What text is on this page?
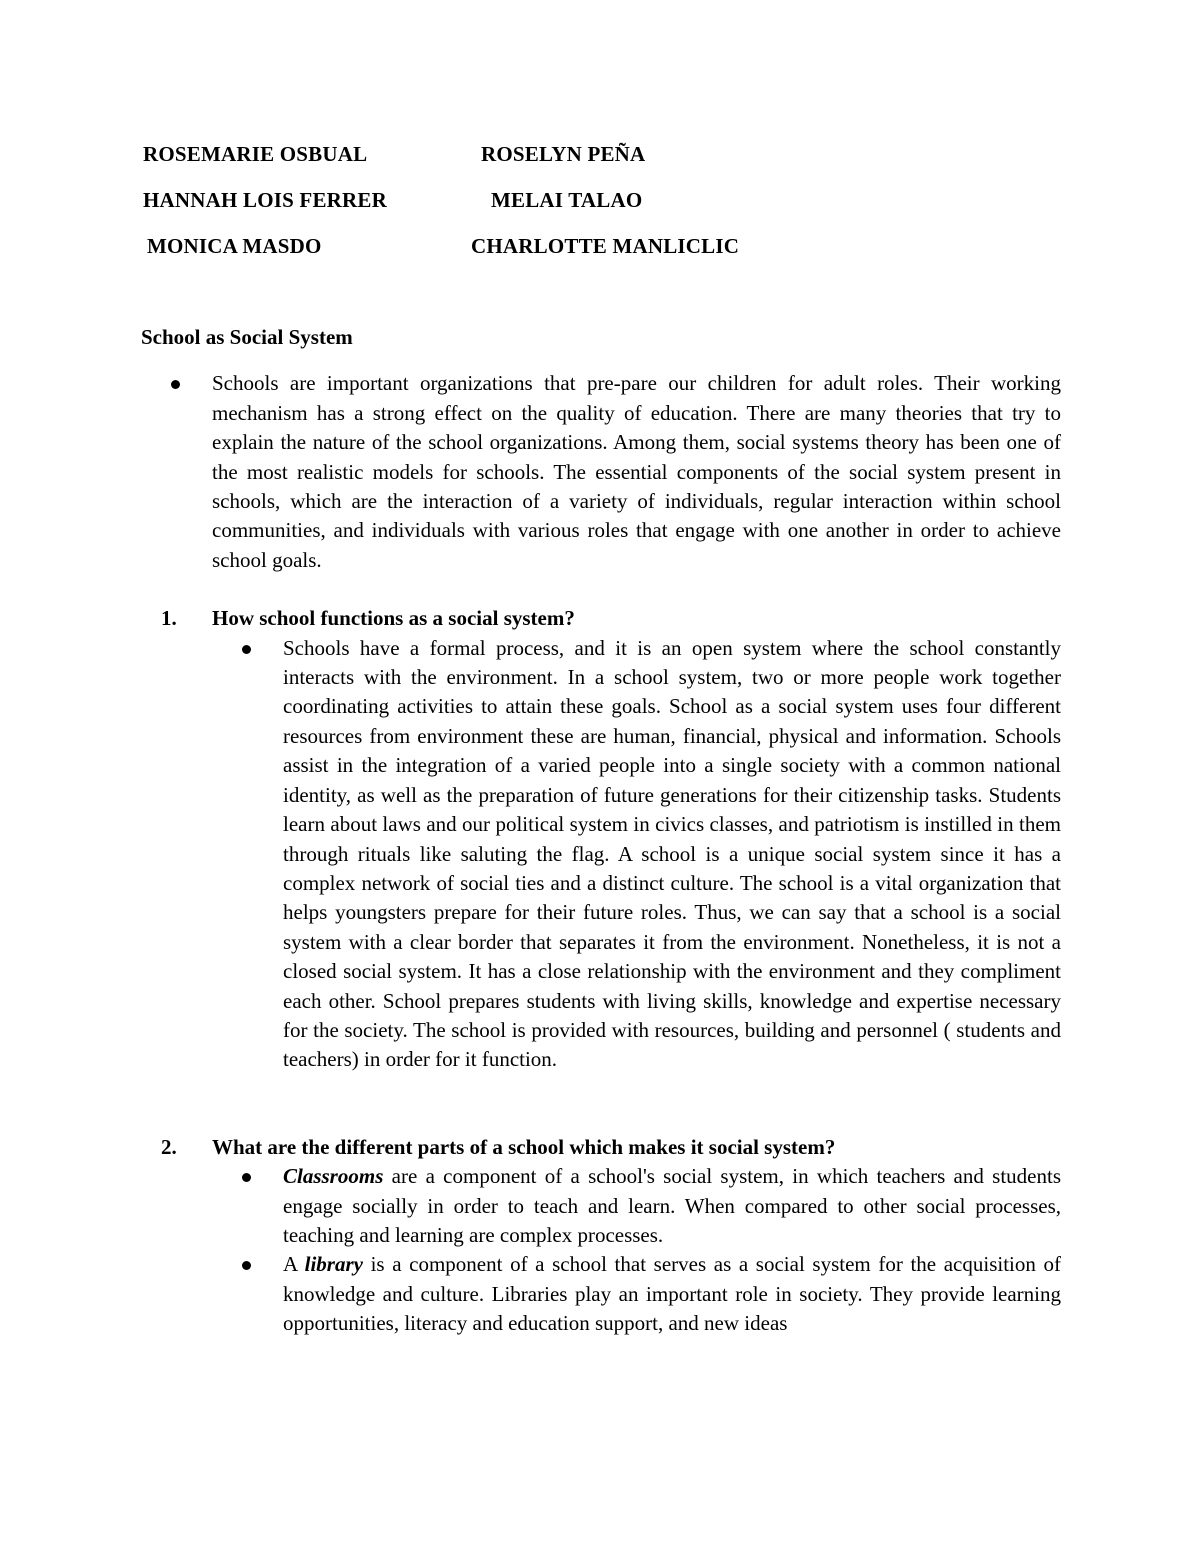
ROSEMARIE OSBUAL	ROSELYN PEÑA
HANNAH LOIS FERRER	MELAI TALAO
MONICA MASDO	CHARLOTTE MANLICLIC
School as Social System
Schools are important organizations that pre-pare our children for adult roles. Their working mechanism has a strong effect on the quality of education. There are many theories that try to explain the nature of the school organizations. Among them, social systems theory has been one of the most realistic models for schools. The essential components of the social system present in schools, which are the interaction of a variety of individuals, regular interaction within school communities, and individuals with various roles that engage with one another in order to achieve school goals.
1.	How school functions as a social system?
Schools have a formal process, and it is an open system where the school constantly interacts with the environment. In a school system, two or more people work together coordinating activities to attain these goals. School as a social system uses four different resources from environment these are human, financial, physical and information. Schools assist in the integration of a varied people into a single society with a common national identity, as well as the preparation of future generations for their citizenship tasks. Students learn about laws and our political system in civics classes, and patriotism is instilled in them through rituals like saluting the flag. A school is a unique social system since it has a complex network of social ties and a distinct culture. The school is a vital organization that helps youngsters prepare for their future roles. Thus, we can say that a school is a social system with a clear border that separates it from the environment. Nonetheless, it is not a closed social system. It has a close relationship with the environment and they compliment each other. School prepares students with living skills, knowledge and expertise necessary for the society. The school is provided with resources, building and personnel ( students and teachers) in order for it function.
2.	What are the different parts of a school which makes it social system?
Classrooms are a component of a school's social system, in which teachers and students engage socially in order to teach and learn. When compared to other social processes, teaching and learning are complex processes.
A library is a component of a school that serves as a social system for the acquisition of knowledge and culture. Libraries play an important role in society. They provide learning opportunities, literacy and education support, and new ideas
